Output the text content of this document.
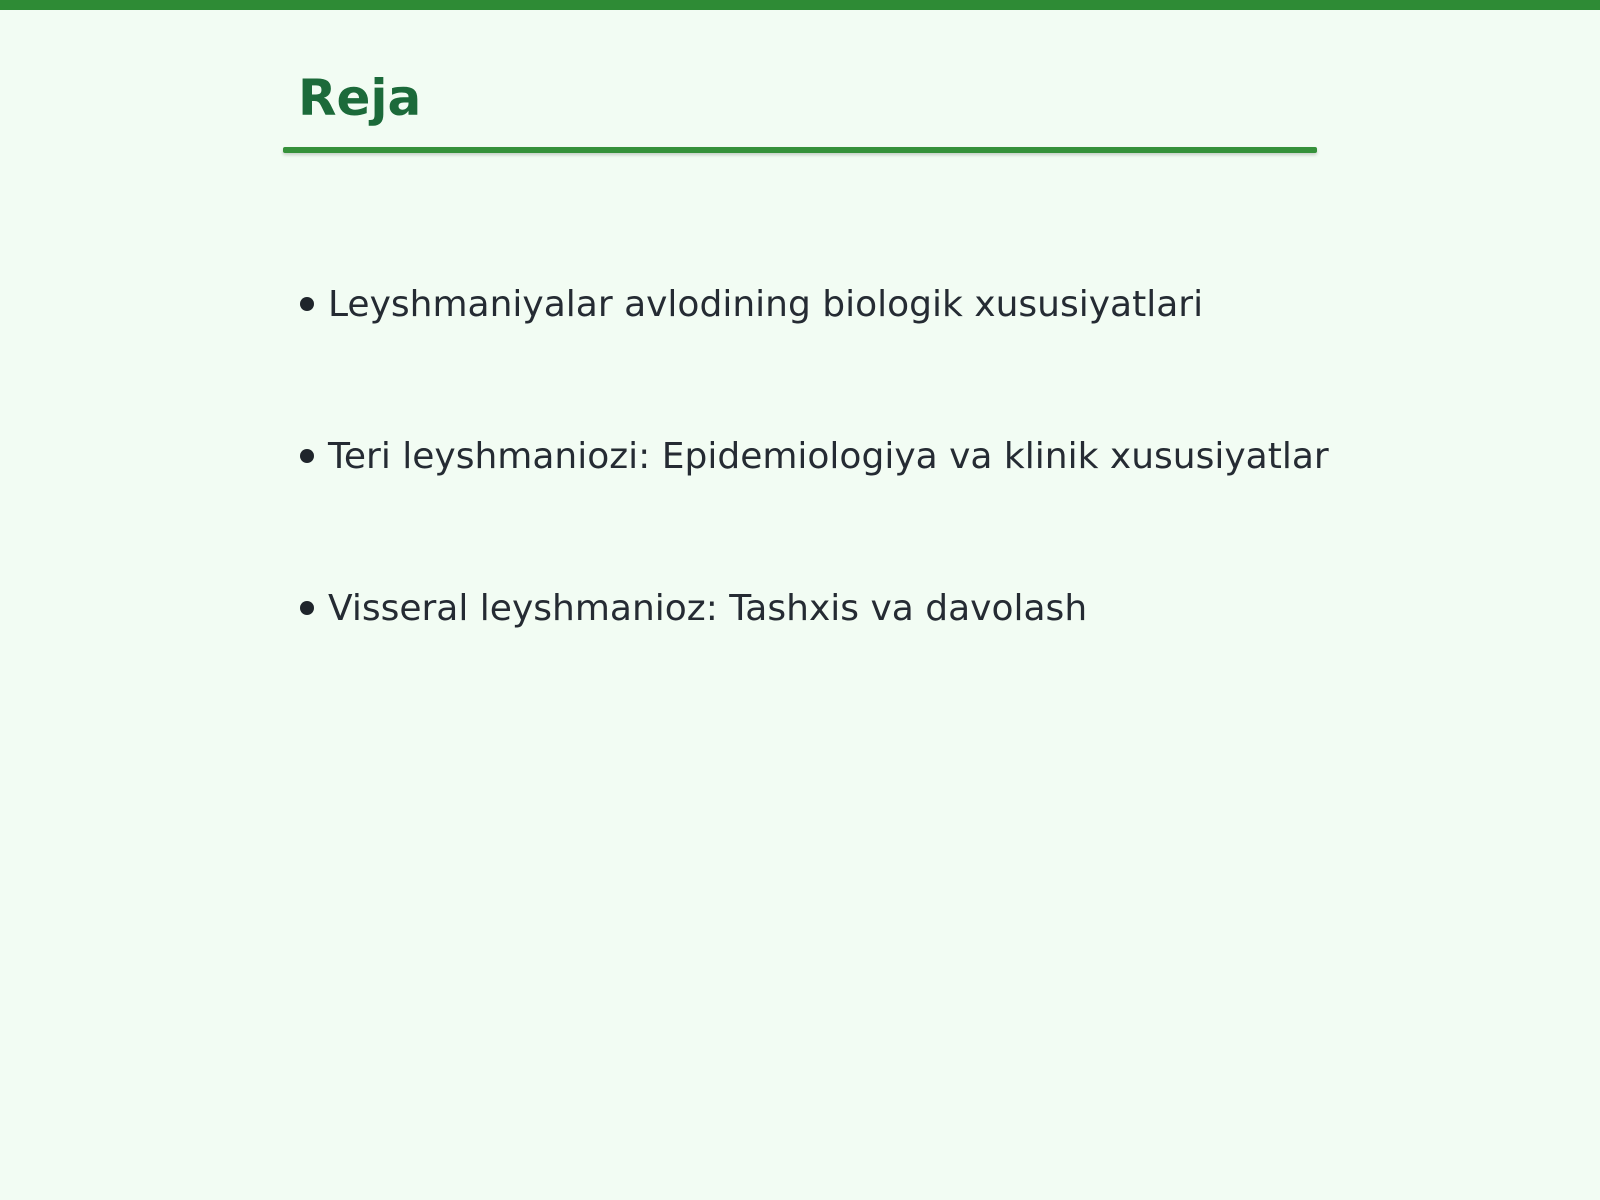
Reja
Leyshmaniyalar avlodining biologik xususiyatlari
Teri leyshmaniozi: Epidemiologiya va klinik xususiyatlar
Visseral leyshmanioz: Tashxis va davolash
